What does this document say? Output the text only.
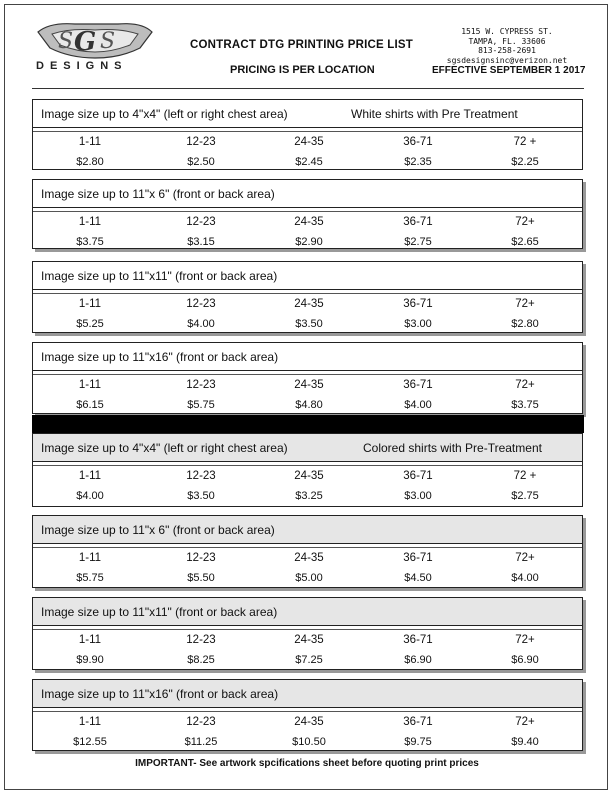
G
S S
DESIGNS
CONTRACT DTG PRINTING PRICE LIST
PRICING IS PER LOCATION
1515 W. CYPRESS ST.
TAMPA, FL. 33606
813-258-2691
sgsdesignsinc@verizon.net
EFFECTIVE SEPTEMBER 1 2017
Image size up to 4"x4" (left or right chest area)	White shirts with Pre Treatment
1-11	12-23	24-35	36-71	72 +
$2.80	$2.50	$2.45	$2.35	$2.25
Image size up to 11"x 6" (front or back area)
1-11	12-23	24-35	36-71	72+
$3.75	$3.15	$2.90	$2.75	$2.65
Image size up to 11"x11" (front or back area)
1-11	12-23	24-35	36-71	72+
$5.25	$4.00	$3.50	$3.00	$2.80
Image size up to 11"x16" (front or back area)
1-11	12-23	24-35	36-71	72+
$6.15	$5.75	$4.80	$4.00	$3.75
Image size up to 4"x4" (left or right chest area)	Colored shirts with Pre-Treatment
1-11	12-23	24-35	36-71	72 +
$4.00	$3.50	$3.25	$3.00	$2.75
Image size up to 11"x 6" (front or back area)
1-11	12-23	24-35	36-71	72+
$5.75	$5.50	$5.00	$4.50	$4.00
Image size up to 11"x11" (front or back area)
1-11	12-23	24-35	36-71	72+
$9.90	$8.25	$7.25	$6.90	$6.90
Image size up to 11"x16" (front or back area)
1-11	12-23	24-35	36-71	72+
$12.55	$11.25	$10.50	$9.75	$9.40
IMPORTANT- See artwork spcifications sheet before quoting print prices
